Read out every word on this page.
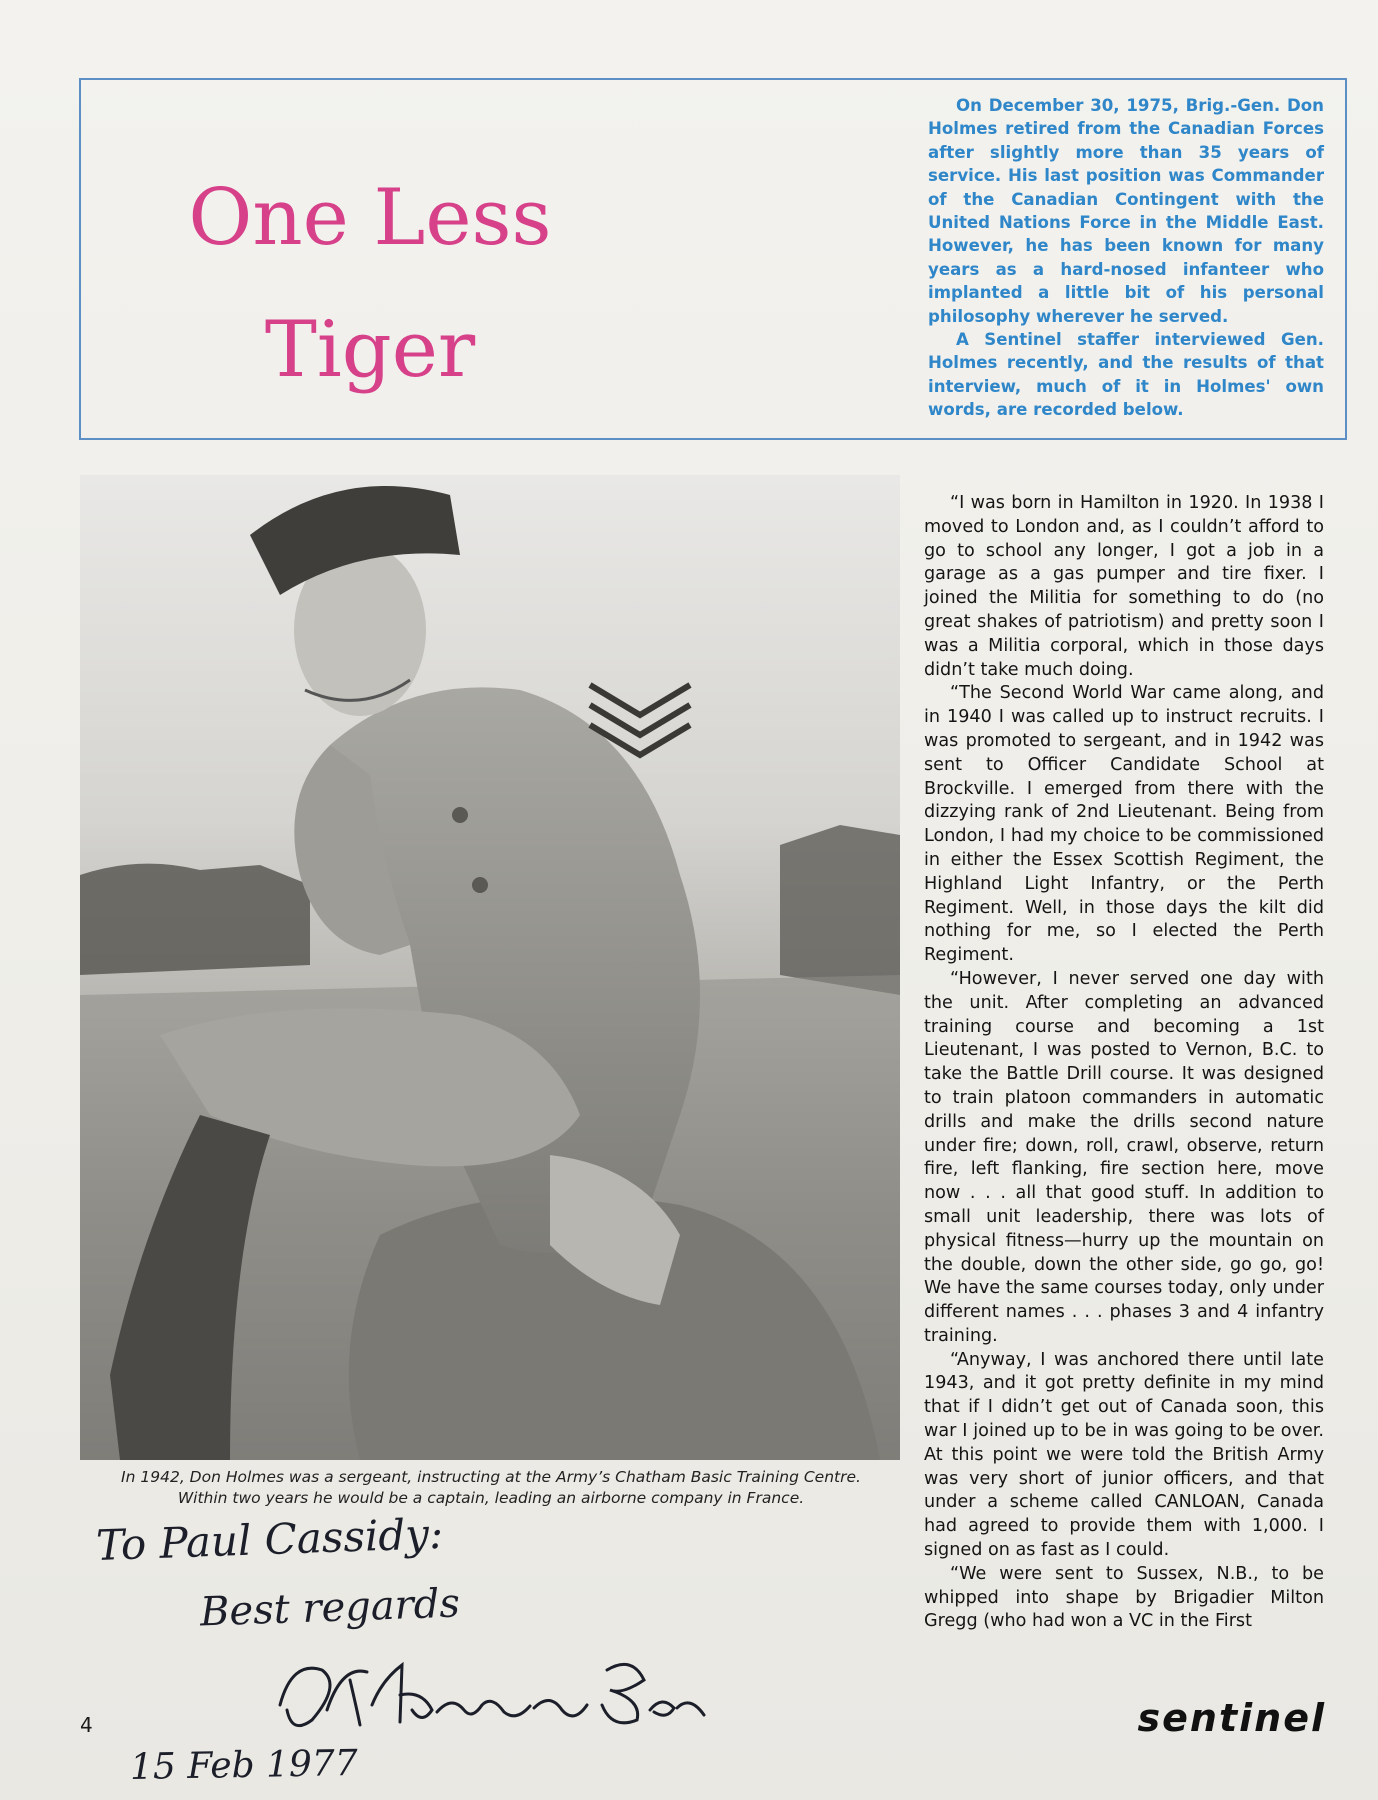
One Less
Tiger

On December 30, 1975, Brig.-Gen. Don Holmes retired from the Canadian Forces after slightly more than 35 years of service. His last position was Commander of the Canadian Contingent with the United Nations Force in the Middle East. However, he has been known for many years as a hard-nosed infanteer who implanted a little bit of his personal philosophy wherever he served.

A Sentinel staffer interviewed Gen. Holmes recently, and the results of that interview, much of it in Holmes' own words, are recorded below.

In 1942, Don Holmes was a sergeant, instructing at the Army’s Chatham Basic Training Centre.
Within two years he would be a captain, leading an airborne company in France.

“I was born in Hamilton in 1920. In 1938 I moved to London and, as I couldn’t afford to go to school any longer, I got a job in a garage as a gas pumper and tire fixer. I joined the Militia for something to do (no great shakes of patriotism) and pretty soon I was a Militia corporal, which in those days didn’t take much doing.

“The Second World War came along, and in 1940 I was called up to instruct recruits. I was promoted to sergeant, and in 1942 was sent to Officer Candidate School at Brockville. I emerged from there with the dizzying rank of 2nd Lieutenant. Being from London, I had my choice to be commissioned in either the Essex Scottish Regiment, the Highland Light Infantry, or the Perth Regiment. Well, in those days the kilt did nothing for me, so I elected the Perth Regiment.

“However, I never served one day with the unit. After completing an advanced training course and becoming a 1st Lieutenant, I was posted to Vernon, B.C. to take the Battle Drill course. It was designed to train platoon commanders in automatic drills and make the drills second nature under fire; down, roll, crawl, observe, return fire, left flanking, fire section here, move now . . . all that good stuff. In addition to small unit leadership, there was lots of physical fitness—hurry up the mountain on the double, down the other side, go go, go! We have the same courses today, only under different names . . . phases 3 and 4 infantry training.

“Anyway, I was anchored there until late 1943, and it got pretty definite in my mind that if I didn’t get out of Canada soon, this war I joined up to be in was going to be over. At this point we were told the British Army was very short of junior officers, and that under a scheme called CANLOAN, Canada had agreed to provide them with 1,000. I signed on as fast as I could.

“We were sent to Sussex, N.B., to be whipped into shape by Brigadier Milton Gregg (who had won a VC in the First

To Paul Cassidy:
Best regards
15 Feb 1977
4	sentinel
